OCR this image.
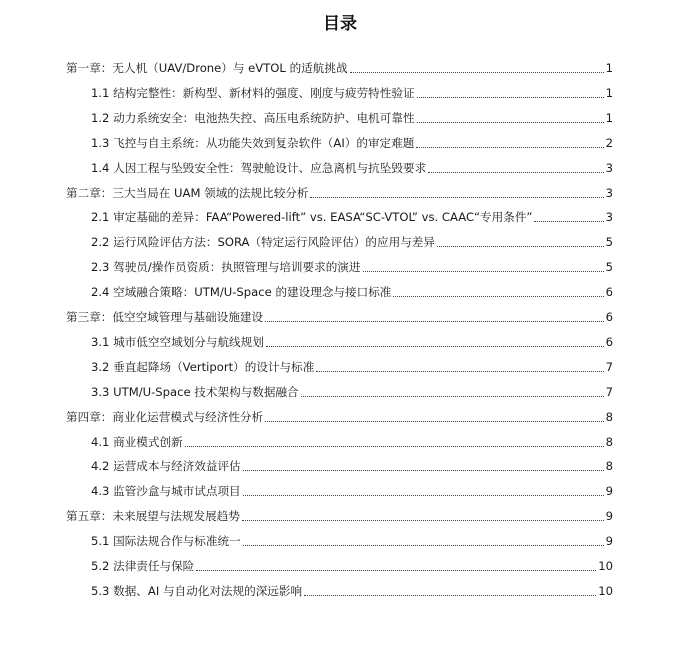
目录
第一章：无人机（UAV/Drone）与 eVTOL 的适航挑战	1
1.1 结构完整性：新构型、新材料的强度、刚度与疲劳特性验证	1
1.2 动力系统安全：电池热失控、高压电系统防护、电机可靠性	1
1.3 飞控与自主系统：从功能失效到复杂软件（AI）的审定难题	2
1.4 人因工程与坠毁安全性：驾驶舱设计、应急离机与抗坠毁要求	3
第二章：三大当局在 UAM 领域的法规比较分析	3
2.1 审定基础的差异：FAA“Powered-lift” vs. EASA“SC-VTOL” vs. CAAC“专用条件”	3
2.2 运行风险评估方法：SORA（特定运行风险评估）的应用与差异	5
2.3 驾驶员/操作员资质：执照管理与培训要求的演进	5
2.4 空域融合策略：UTM/U-Space 的建设理念与接口标准	6
第三章：低空空域管理与基础设施建设	6
3.1 城市低空空域划分与航线规划	6
3.2 垂直起降场（Vertiport）的设计与标准	7
3.3 UTM/U-Space 技术架构与数据融合	7
第四章：商业化运营模式与经济性分析	8
4.1 商业模式创新	8
4.2 运营成本与经济效益评估	8
4.3 监管沙盒与城市试点项目	9
第五章：未来展望与法规发展趋势	9
5.1 国际法规合作与标准统一	9
5.2 法律责任与保险	10
5.3 数据、AI 与自动化对法规的深远影响	10
